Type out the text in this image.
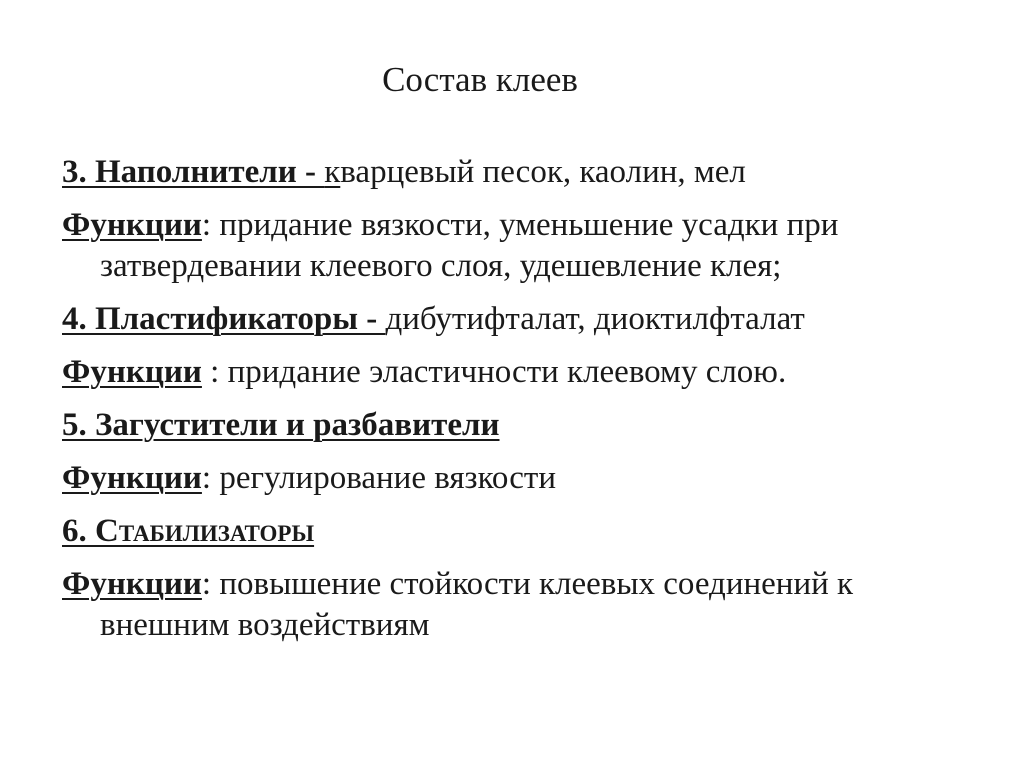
Состав клеев

3. Наполнители - кварцевый песок, каолин, мел

Функции: придание вязкости, уменьшение усадки при затвердевании клеевого слоя, удешевление клея;

4. Пластификаторы - дибутифталат, диоктилфталат

Функции : придание эластичности клеевому слою.

5. Загустители и разбавители

Функции: регулирование вязкости

6. Стабилизаторы

Функции: повышение стойкости клеевых соединений к внешним воздействиям
